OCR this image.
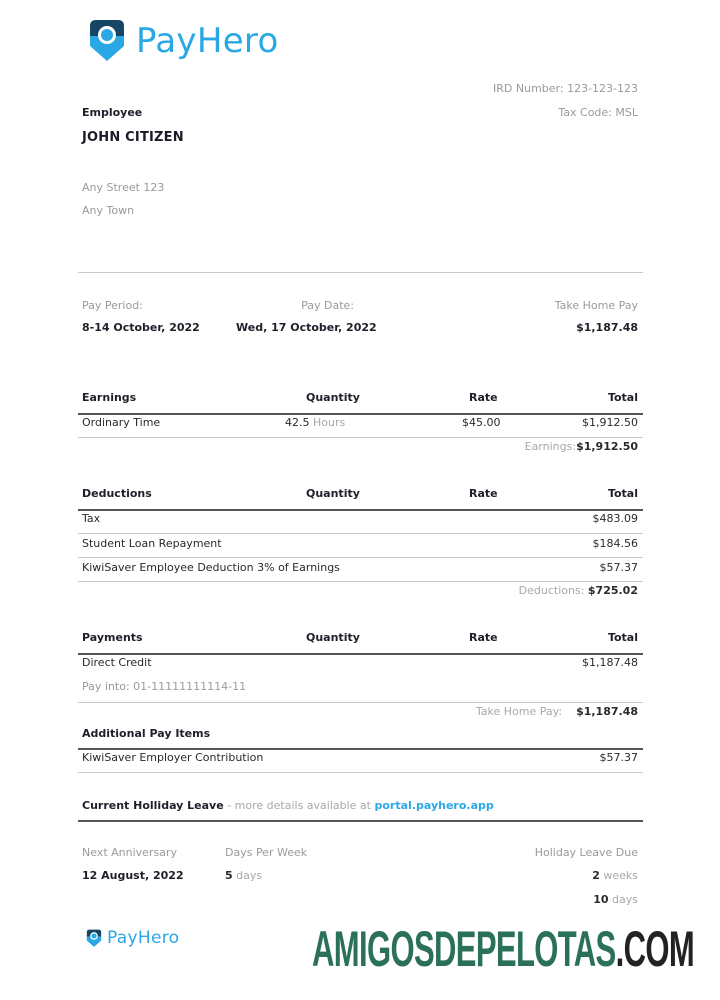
PayHero
IRD Number: 123-123-123
Tax Code: MSL
Employee
JOHN CITIZEN
Any Street 123
Any Town
Pay Period:
8-14 October, 2022
Pay Date:
Wed, 17 October, 2022
Take Home Pay
$1,187.48
Earnings	Quantity	Rate	Total
Ordinary Time	42.5 Hours	$45.00	$1,912.50
Earnings:$1,912.50
Deductions	Quantity	Rate	Total
Tax	$483.09
Student Loan Repayment	$184.56
KiwiSaver Employee Deduction 3% of Earnings	$57.37
Deductions: $725.02
Payments	Quantity	Rate	Total
Direct Credit	$1,187.48
Pay into: 01-11111111114-11
Take Home Pay: $1,187.48
Additional Pay Items
KiwiSaver Employer Contribution	$57.37
Current Holliday Leave - more details available at portal.payhero.app
Next Anniversary
12 August, 2022
Days Per Week
5 days
Holiday Leave Due
2 weeks
10 days
PayHero	AMIGOSDEPELOTAS.COM
